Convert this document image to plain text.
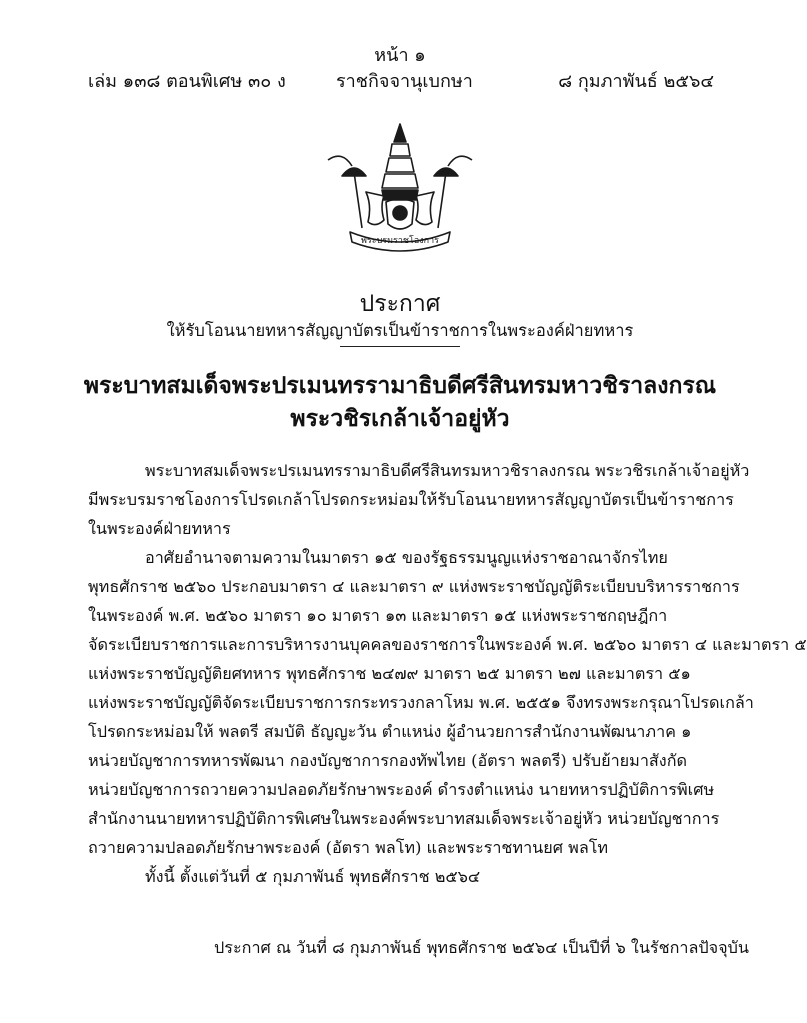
หน้า ๑
เล่ม ๑๓๘ ตอนพิเศษ ๓๐ ง	ราชกิจจานุเบกษา	๘ กุมภาพันธ์ ๒๕๖๔
พระบรมราชโองการ
ประกาศ
ให้รับโอนนายทหารสัญญาบัตรเป็นข้าราชการในพระองค์ฝ่ายทหาร
พระบาทสมเด็จพระปรเมนทรรามาธิบดีศรีสินทรมหาวชิราลงกรณ
พระวชิรเกล้าเจ้าอยู่หัว
พระบาทสมเด็จพระปรเมนทรรามาธิบดีศรีสินทรมหาวชิราลงกรณ พระวชิรเกล้าเจ้าอยู่หัว
มีพระบรมราชโองการโปรดเกล้าโปรดกระหม่อมให้รับโอนนายทหารสัญญาบัตรเป็นข้าราชการ
ในพระองค์ฝ่ายทหาร
อาศัยอำนาจตามความในมาตรา ๑๕ ของรัฐธรรมนูญแห่งราชอาณาจักรไทย
พุทธศักราช ๒๕๖๐ ประกอบมาตรา ๔ และมาตรา ๙ แห่งพระราชบัญญัติระเบียบบริหารราชการ
ในพระองค์ พ.ศ. ๒๕๖๐ มาตรา ๑๐ มาตรา ๑๓ และมาตรา ๑๕ แห่งพระราชกฤษฎีกา
จัดระเบียบราชการและการบริหารงานบุคคลของราชการในพระองค์ พ.ศ. ๒๕๖๐ มาตรา ๔ และมาตรา ๕
แห่งพระราชบัญญัติยศทหาร พุทธศักราช ๒๔๗๙ มาตรา ๒๕ มาตรา ๒๗ และมาตรา ๕๑
แห่งพระราชบัญญัติจัดระเบียบราชการกระทรวงกลาโหม พ.ศ. ๒๕๕๑ จึงทรงพระกรุณาโปรดเกล้า
โปรดกระหม่อมให้ พลตรี สมบัติ ธัญญะวัน ตำแหน่ง ผู้อำนวยการสำนักงานพัฒนาภาค ๑
หน่วยบัญชาการทหารพัฒนา กองบัญชาการกองทัพไทย (อัตรา พลตรี) ปรับย้ายมาสังกัด
หน่วยบัญชาการถวายความปลอดภัยรักษาพระองค์ ดำรงตำแหน่ง นายทหารปฏิบัติการพิเศษ
สำนักงานนายทหารปฏิบัติการพิเศษในพระองค์พระบาทสมเด็จพระเจ้าอยู่หัว หน่วยบัญชาการ
ถวายความปลอดภัยรักษาพระองค์ (อัตรา พลโท) และพระราชทานยศ พลโท
ทั้งนี้ ตั้งแต่วันที่ ๕ กุมภาพันธ์ พุทธศักราช ๒๕๖๔
ประกาศ ณ วันที่ ๘ กุมภาพันธ์ พุทธศักราช ๒๕๖๔ เป็นปีที่ ๖ ในรัชกาลปัจจุบัน
